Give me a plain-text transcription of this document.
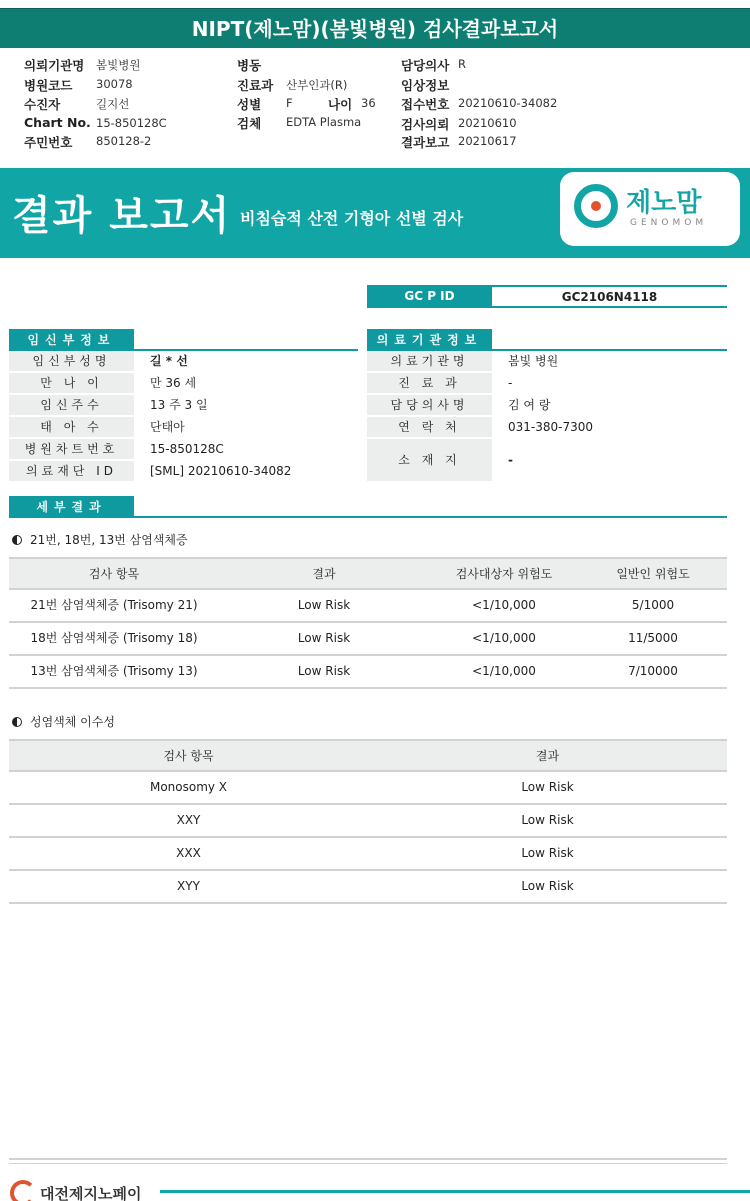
NIPT(제노맘)(봄빛병원) 검사결과보고서
의뢰기관명 봄빛병원
병원코드 30078
수진자	길지선
Chart No. 15-850128C
주민번호 850128-2
병동
진료과 산부인과(R)
성별 F	나이 36
검체 EDTA Plasma
담당의사 R
임상정보
접수번호 20210610-34082
검사의뢰 20210610
결과보고 20210617
결과 보고서 비침습적 산전 기형아 선별 검사
제노맘
GENOMOM
GC P ID	GC2106N4118
임신부정보	의료기관정보
임신부성명	길 * 선
만 나 이	만 36 세
임신주수	13 주 3 일
태 아 수	단태아
병원차트번호	15-850128C
의료재단 ID	[SML] 20210610-34082
의료기관명	봄빛 병원
진 료 과	-
담당의사명	김 여 랑
연 락 처	031-380-7300
소 재 지	-
세부결과
21번, 18번, 13번 삼염색체증
검사 항목	결과	검사대상자 위험도	일반인 위험도
21번 삼염색체증 (Trisomy 21)	Low Risk	<1/10,000	5/1000
18번 삼염색체증 (Trisomy 18)	Low Risk	<1/10,000	11/5000
13번 삼염색체증 (Trisomy 13)	Low Risk	<1/10,000	7/10000
성염색체 이수성
검사 항목	결과
Monosomy X	Low Risk
XXY	Low Risk
XXX	Low Risk
XYY	Low Risk
대전제지노페이
